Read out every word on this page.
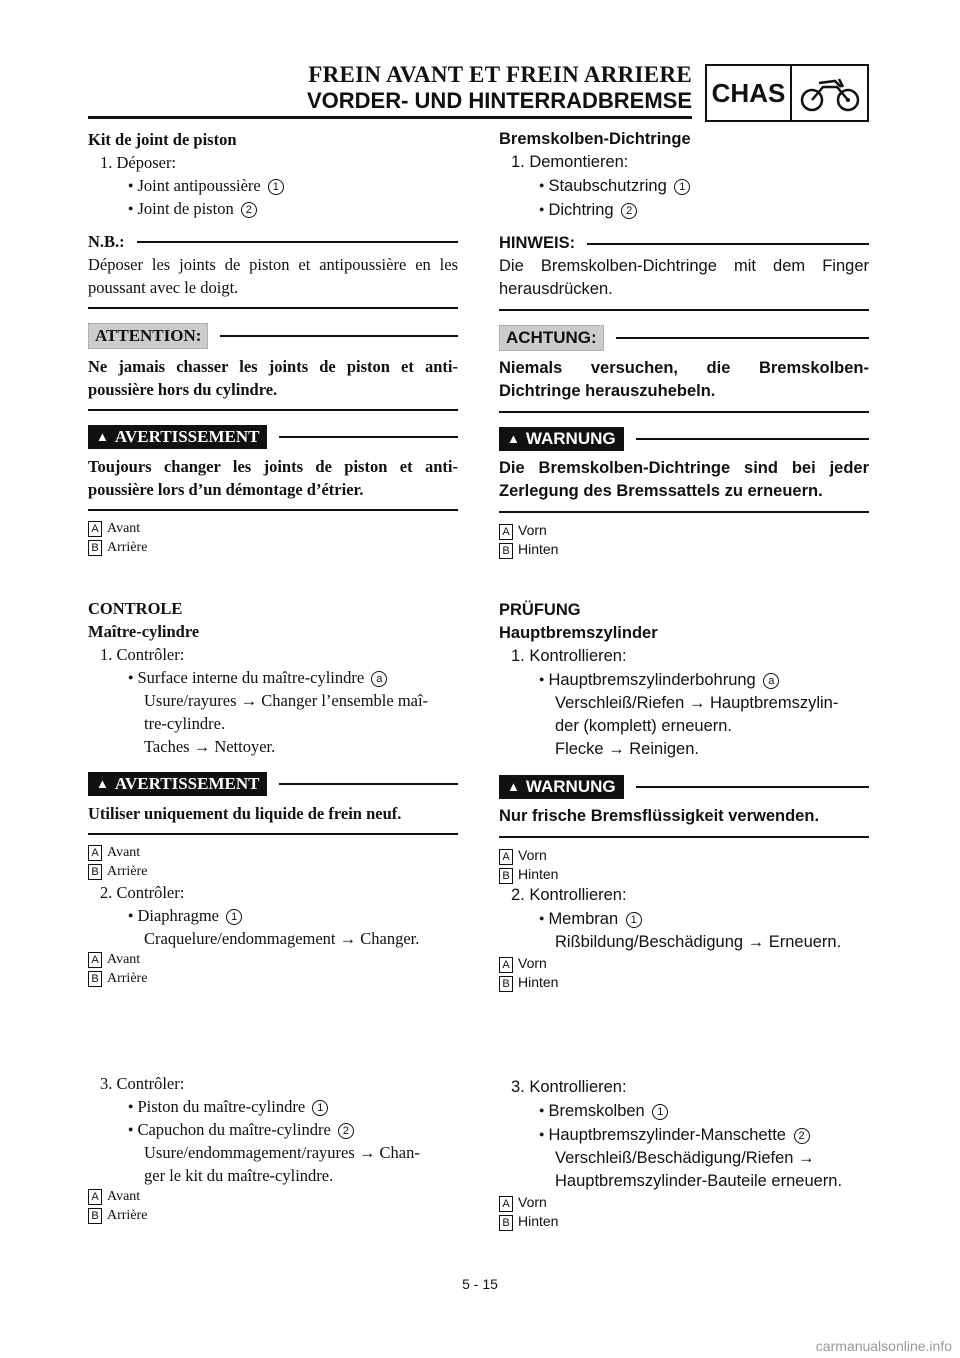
FREIN AVANT ET FREIN ARRIERE
VORDER- UND HINTERRADBREMSE CHAS
Kit de joint de piston
1. Déposer:
● Joint antipoussière 1
● Joint de piston 2
N.B.:
Déposer les joints de piston et antipoussière en les poussant avec le doigt.
ATTENTION:
Ne jamais chasser les joints de piston et anti-poussière hors du cylindre.
▲ AVERTISSEMENT
Toujours changer les joints de piston et anti-poussière lors d’un démontage d’étrier.
A Avant
B Arrière
CONTROLE
Maître-cylindre
1. Contrôler:
● Surface interne du maître-cylindre a
Usure/rayures → Changer l’ensemble maî-
tre-cylindre.
Taches → Nettoyer.
▲ AVERTISSEMENT
Utiliser uniquement du liquide de frein neuf.
A Avant
B Arrière
2. Contrôler:
● Diaphragme 1
Craquelure/endommagement → Changer.
A Avant
B Arrière
3. Contrôler:
● Piston du maître-cylindre 1
● Capuchon du maître-cylindre 2
Usure/endommagement/rayures → Chan-
ger le kit du maître-cylindre.
A Avant
B Arrière
Bremskolben-Dichtringe
1. Demontieren:
● Staubschutzring 1
● Dichtring 2
HINWEIS:
Die Bremskolben-Dichtringe mit dem Finger herausdrücken.
ACHTUNG:
Niemals versuchen, die Bremskolben-Dichtringe herauszuhebeln.
▲ WARNUNG
Die Bremskolben-Dichtringe sind bei jeder Zerlegung des Bremssattels zu erneuern.
A Vorn
B Hinten
PRÜFUNG
Hauptbremszylinder
1. Kontrollieren:
● Hauptbremszylinderbohrung a
Verschleiß/Riefen → Hauptbremszylin-
der (komplett) erneuern.
Flecke → Reinigen.
▲ WARNUNG
Nur frische Bremsflüssigkeit verwenden.
A Vorn
B Hinten
2. Kontrollieren:
● Membran 1
Rißbildung/Beschädigung → Erneuern.
A Vorn
B Hinten
3. Kontrollieren:
● Bremskolben 1
● Hauptbremszylinder-Manschette 2
Verschleiß/Beschädigung/Riefen →
Hauptbremszylinder-Bauteile erneuern.
A Vorn
B Hinten
5 - 15
carmanualsonline.info
